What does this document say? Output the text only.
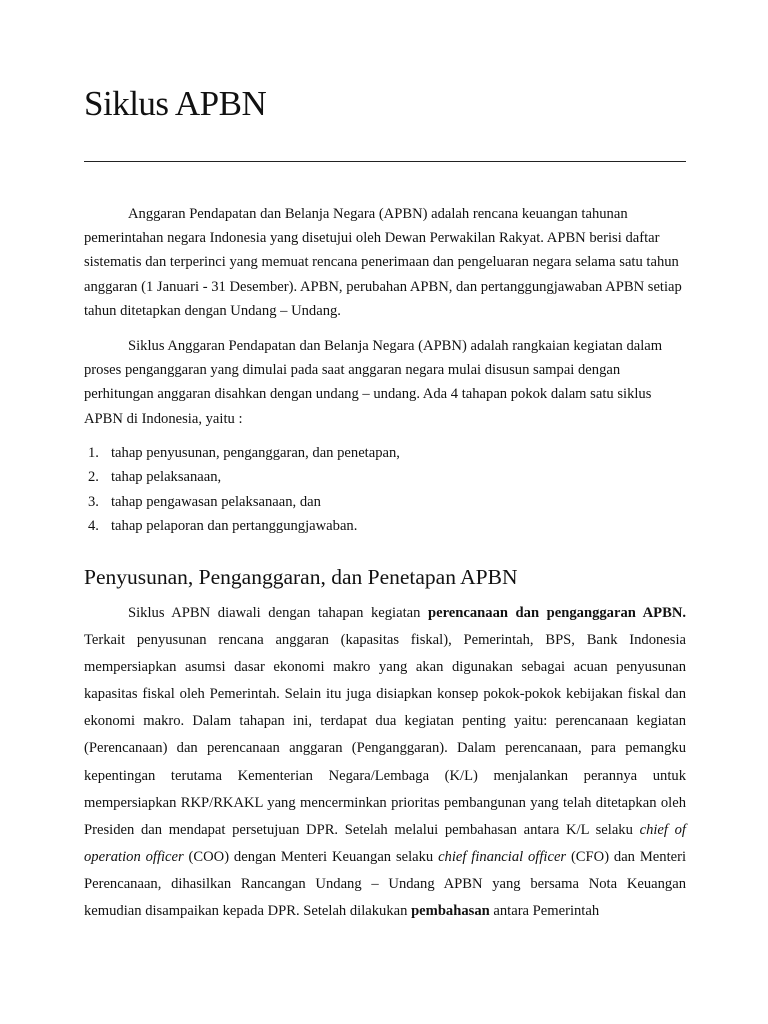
Siklus APBN

Anggaran Pendapatan dan Belanja Negara (APBN) adalah rencana keuangan tahunan pemerintahan negara Indonesia yang disetujui oleh Dewan Perwakilan Rakyat. APBN berisi daftar sistematis dan terperinci yang memuat rencana penerimaan dan pengeluaran negara selama satu tahun anggaran (1 Januari - 31 Desember). APBN, perubahan APBN, dan pertanggungjawaban APBN setiap tahun ditetapkan dengan Undang – Undang.

Siklus Anggaran Pendapatan dan Belanja Negara (APBN) adalah rangkaian kegiatan dalam proses penganggaran yang dimulai pada saat anggaran negara mulai disusun sampai dengan perhitungan anggaran disahkan dengan undang – undang. Ada 4 tahapan pokok dalam satu siklus APBN di Indonesia, yaitu :

1. tahap penyusunan, penganggaran, dan penetapan,
2. tahap pelaksanaan,
3. tahap pengawasan pelaksanaan, dan
4. tahap pelaporan dan pertanggungjawaban.
Penyusunan, Penganggaran, dan Penetapan APBN

Siklus APBN diawali dengan tahapan kegiatan perencanaan dan penganggaran APBN. Terkait penyusunan rencana anggaran (kapasitas fiskal), Pemerintah, BPS, Bank Indonesia mempersiapkan asumsi dasar ekonomi makro yang akan digunakan sebagai acuan penyusunan kapasitas fiskal oleh Pemerintah. Selain itu juga disiapkan konsep pokok-pokok kebijakan fiskal dan ekonomi makro. Dalam tahapan ini, terdapat dua kegiatan penting yaitu: perencanaan kegiatan (Perencanaan) dan perencanaan anggaran (Penganggaran). Dalam perencanaan, para pemangku kepentingan terutama Kementerian Negara/Lembaga (K/L) menjalankan perannya untuk mempersiapkan RKP/RKAKL yang mencerminkan prioritas pembangunan yang telah ditetapkan oleh Presiden dan mendapat persetujuan DPR. Setelah melalui pembahasan antara K/L selaku chief of operation officer (COO) dengan Menteri Keuangan selaku chief financial officer (CFO) dan Menteri Perencanaan, dihasilkan Rancangan Undang – Undang APBN yang bersama Nota Keuangan kemudian disampaikan kepada DPR. Setelah dilakukan pembahasan antara Pemerintah
